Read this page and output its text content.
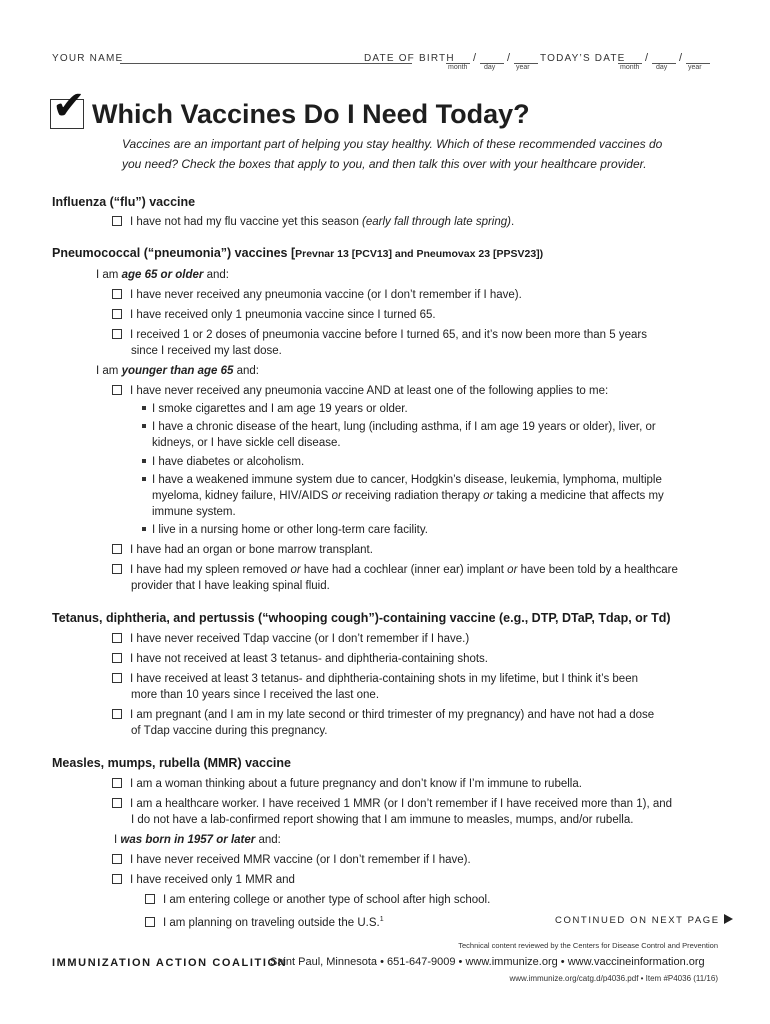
YOUR NAME	DATE OF BIRTH /	/
month day	year
TODAY’S DATE /	/
month day	year
✔ Which Vaccines Do I Need Today?
Vaccines are an important part of helping you stay healthy. Which of these recommended vaccines do
you need? Check the boxes that apply to you, and then talk this over with your healthcare provider.
Influenza (“flu”) vaccine
I have not had my flu vaccine yet this season (early fall through late spring).
Pneumococcal (“pneumonia”) vaccines [Prevnar 13 [PCV13] and Pneumovax 23 [PPSV23])
I am age 65 or older and:
I have never received any pneumonia vaccine (or I don’t remember if I have).
I have received only 1 pneumonia vaccine since I turned 65.
I received 1 or 2 doses of pneumonia vaccine before I turned 65, and it’s now been more than 5 years
since I received my last dose.
I am younger than age 65 and:
I have never received any pneumonia vaccine AND at least one of the following applies to me:
I smoke cigarettes and I am age 19 years or older.
I have a chronic disease of the heart, lung (including asthma, if I am age 19 years or older), liver, or
kidneys, or I have sickle cell disease.
I have diabetes or alcoholism.
I have a weakened immune system due to cancer, Hodgkin’s disease, leukemia, lymphoma, multiple
myeloma, kidney failure, HIV/AIDS or receiving radiation therapy or taking a medicine that affects my
immune system.
I live in a nursing home or other long-term care facility.
I have had an organ or bone marrow transplant.
I have had my spleen removed or have had a cochlear (inner ear) implant or have been told by a healthcare
provider that I have leaking spinal fluid.
Tetanus, diphtheria, and pertussis (“whooping cough”)-containing vaccine (e.g., DTP, DTaP, Tdap, or Td)
I have never received Tdap vaccine (or I don’t remember if I have.)
I have not received at least 3 tetanus- and diphtheria-containing shots.
I have received at least 3 tetanus- and diphtheria-containing shots in my lifetime, but I think it’s been
more than 10 years since I received the last one.
I am pregnant (and I am in my late second or third trimester of my pregnancy) and have not had a dose
of Tdap vaccine during this pregnancy.
Measles, mumps, rubella (MMR) vaccine
I am a woman thinking about a future pregnancy and don’t know if I’m immune to rubella.
I am a healthcare worker. I have received 1 MMR (or I don’t remember if I have received more than 1), and
I do not have a lab-confirmed report showing that I am immune to measles, mumps, and/or rubella.
I was born in 1957 or later and:
I have never received MMR vaccine (or I don’t remember if I have).
I have received only 1 MMR and
I am entering college or another type of school after high school.
I am planning on traveling outside the U.S.$^1$	CONTINUED ON NEXT PAGE
Technical content reviewed by the Centers for Disease Control and Prevention
IMMUNIZATION ACTION COALITION
Saint Paul, Minnesota • 651-647-9009 • www.immunize.org • www.vaccineinformation.org
www.immunize.org/catg.d/p4036.pdf • Item #P4036 (11/16)
